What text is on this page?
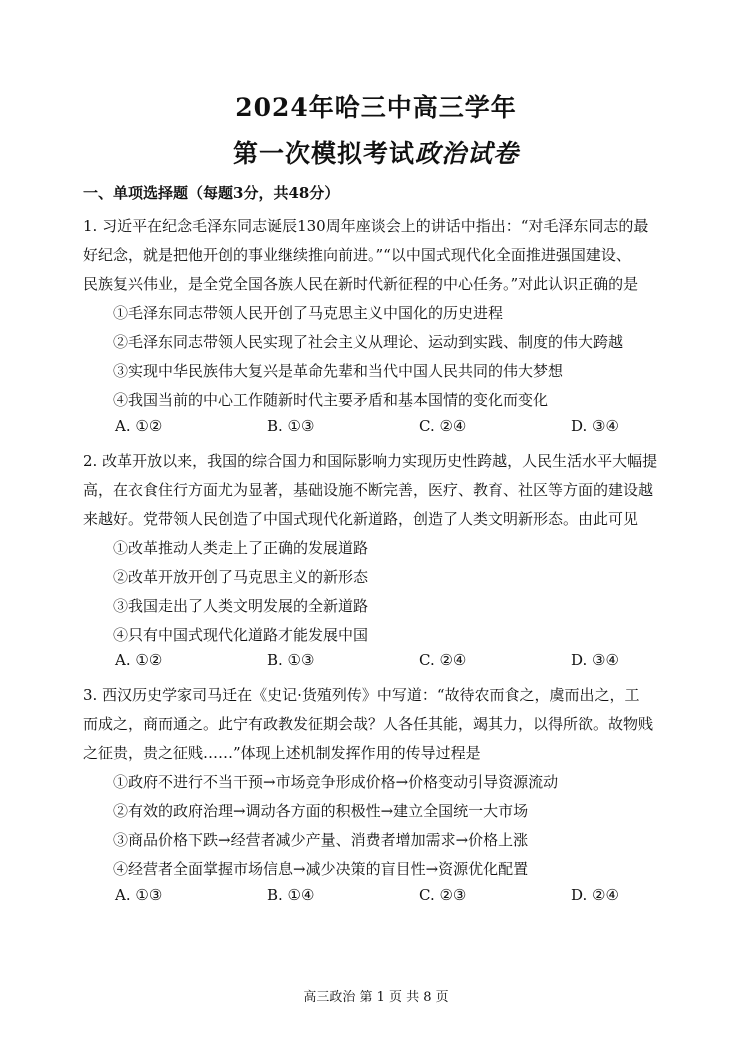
2024年哈三中高三学年
第一次模拟考试政治试卷
一、单项选择题（每题3分，共48分）
1. 习近平在纪念毛泽东同志诞辰130周年座谈会上的讲话中指出：“对毛泽东同志的最
好纪念，就是把他开创的事业继续推向前进。”“以中国式现代化全面推进强国建设、
民族复兴伟业，是全党全国各族人民在新时代新征程的中心任务。”对此认识正确的是
①毛泽东同志带领人民开创了马克思主义中国化的历史进程
②毛泽东同志带领人民实现了社会主义从理论、运动到实践、制度的伟大跨越
③实现中华民族伟大复兴是革命先辈和当代中国人民共同的伟大梦想
④我国当前的中心工作随新时代主要矛盾和基本国情的变化而变化
A. ①②	B. ①③	C. ②④	D. ③④
2. 改革开放以来，我国的综合国力和国际影响力实现历史性跨越，人民生活水平大幅提
高，在衣食住行方面尤为显著，基础设施不断完善，医疗、教育、社区等方面的建设越
来越好。党带领人民创造了中国式现代化新道路，创造了人类文明新形态。由此可见
①改革推动人类走上了正确的发展道路
②改革开放开创了马克思主义的新形态
③我国走出了人类文明发展的全新道路
④只有中国式现代化道路才能发展中国
A. ①②	B. ①③	C. ②④	D. ③④
3. 西汉历史学家司马迁在《史记·货殖列传》中写道：“故待农而食之，虞而出之，工
而成之，商而通之。此宁有政教发征期会哉？人各任其能，竭其力，以得所欲。故物贱
之征贵，贵之征贱……”体现上述机制发挥作用的传导过程是
①政府不进行不当干预→市场竞争形成价格→价格变动引导资源流动
②有效的政府治理→调动各方面的积极性→建立全国统一大市场
③商品价格下跌→经营者减少产量、消费者增加需求→价格上涨
④经营者全面掌握市场信息→减少决策的盲目性→资源优化配置
A. ①③	B. ①④	C. ②③	D. ②④
高三政治 第 1 页 共 8 页
